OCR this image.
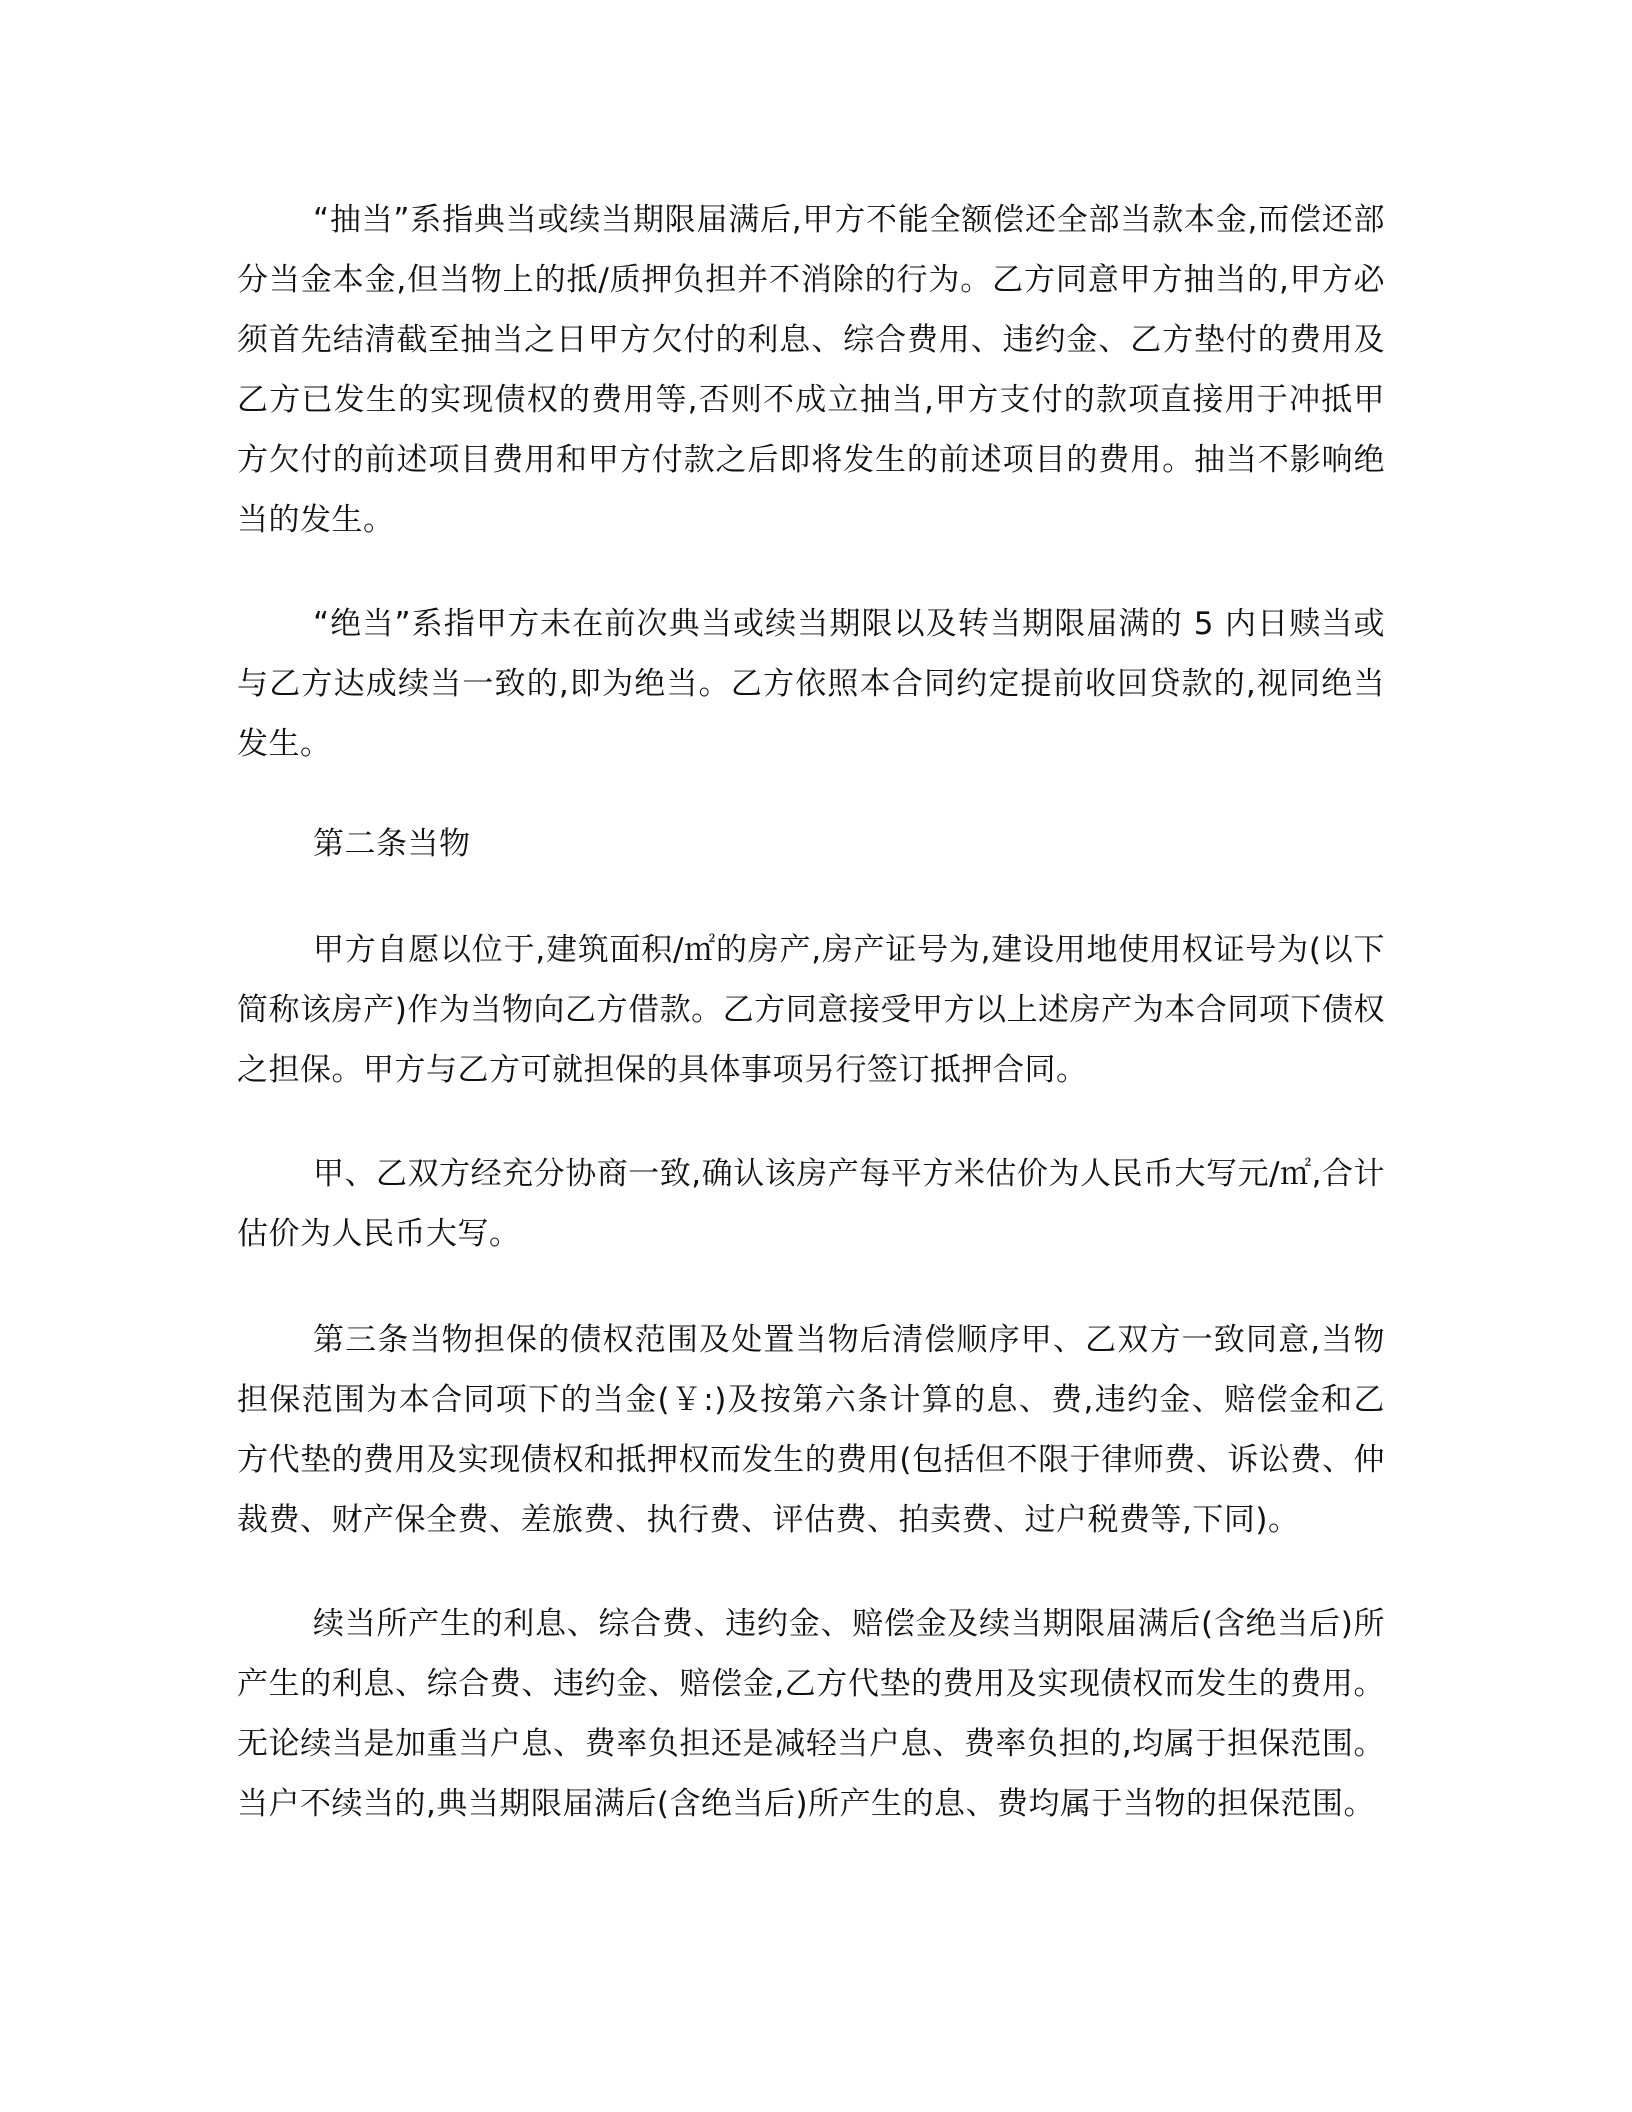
“抽当”系指典当或续当期限届满后,甲方不能全额偿还全部当款本金,而偿还部分当金本金,但当物上的抵/质押负担并不消除的行为。乙方同意甲方抽当的,甲方必须首先结清截至抽当之日甲方欠付的利息、综合费用、违约金、乙方垫付的费用及乙方已发生的实现债权的费用等,否则不成立抽当,甲方支付的款项直接用于冲抵甲方欠付的前述项目费用和甲方付款之后即将发生的前述项目的费用。抽当不影响绝当的发生。

“绝当”系指甲方未在前次典当或续当期限以及转当期限届满的 5 内日赎当或与乙方达成续当一致的,即为绝当。乙方依照本合同约定提前收回贷款的,视同绝当发生。

第二条当物

甲方自愿以位于,建筑面积/㎡的房产,房产证号为,建设用地使用权证号为(以下简称该房产)作为当物向乙方借款。乙方同意接受甲方以上述房产为本合同项下债权之担保。甲方与乙方可就担保的具体事项另行签订抵押合同。

甲、乙双方经充分协商一致,确认该房产每平方米估价为人民币大写元/㎡,合计估价为人民币大写。

第三条当物担保的债权范围及处置当物后清偿顺序甲、乙双方一致同意,当物担保范围为本合同项下的当金(￥:)及按第六条计算的息、费,违约金、赔偿金和乙方代垫的费用及实现债权和抵押权而发生的费用(包括但不限于律师费、诉讼费、仲裁费、财产保全费、差旅费、执行费、评估费、拍卖费、过户税费等,下同)。

续当所产生的利息、综合费、违约金、赔偿金及续当期限届满后(含绝当后)所产生的利息、综合费、违约金、赔偿金,乙方代垫的费用及实现债权而发生的费用。无论续当是加重当户息、费率负担还是减轻当户息、费率负担的,均属于担保范围。当户不续当的,典当期限届满后(含绝当后)所产生的息、费均属于当物的担保范围。
